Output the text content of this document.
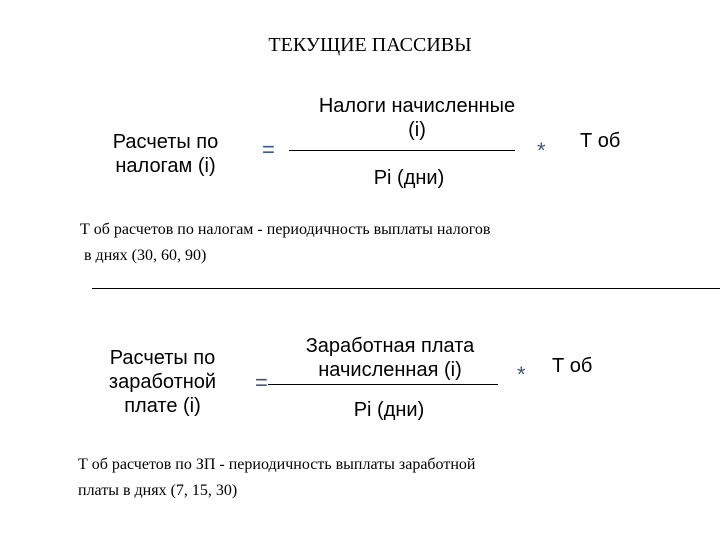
ТЕКУЩИЕ ПАССИВЫ
Расчеты по
налогам (i)
=
Налоги начисленные
(i)
Pi (дни)
* Т об
Т об расчетов по налогам - периодичность выплаты налогов
в днях (30, 60, 90)
Расчеты по
заработной
плате (i)
=
Заработная плата
начисленная (i)
Pi (дни)
* Т об
Т об расчетов по ЗП - периодичность выплаты заработной
платы в днях (7, 15, 30)
